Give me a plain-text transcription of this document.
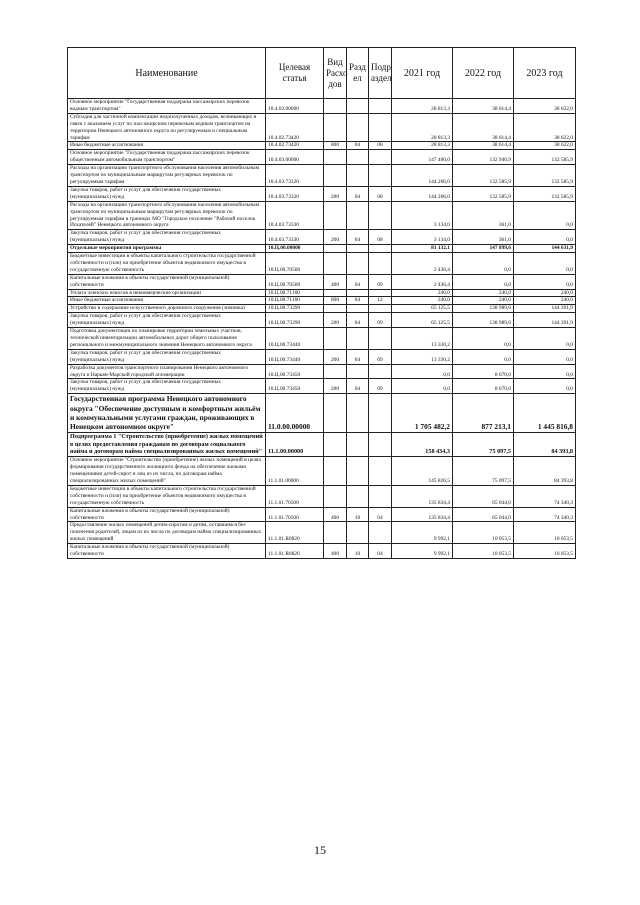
Наименование	Целевая статья	Вид Расхо дов	Разд ел	Подр аздел	2021 год	2022 год	2023 год
Основное мероприятие "Государственная поддержка пассажирских перевозок водным транспортом"	10.4.02.00000				28 813,3	38 614,4	38 622,0
Субсидия для частичной компенсации недополученных доходов, возникающих в связи с оказанием услуг по пассажирским перевозкам водным транспортом на территории Ненецкого автономного округа по регулируемым и специальным тарифам	10.4.02.73420				28 813,3	38 614,4	38 622,0
Иные бюджетные ассигнования	10.4.02.73420	800	04	08	28 813,3	38 614,4	38 622,0
Основное мероприятие "Государственная поддержка пассажирских перевозок общественным автомобильным транспортом"	10.4.03.00000				147 400,0	132 946,9	132 585,9
Расходы на организацию транспортного обслуживания населения автомобильным транспортом по муниципальным маршрутам регулярных перевозок по регулируемым тарифам	10.4.03.73320				144 266,0	132 585,9	132 585,9
Закупка товаров, работ и услуг для обеспечения государственных (муниципальных) нужд	10.4.03.73320	200	04	08	144 266,0	132 585,9	132 585,9
Расходы на организацию транспортного обслуживания населения автомобильным транспортом по муниципальным маршрутам регулярных перевозок по регулируемым тарифам в границах МО "Городское поселение "Рабочий поселок Искателей" Ненецкого автономного округа	10.4.03.73330				3 134,0	361,0	0,0
Закупка товаров, работ и услуг для обеспечения государственных (муниципальных) нужд	10.4.03.73330	200	04	08	3 134,0	361,0	0,0
Отдельные мероприятия программы	10.Ц.00.00000				81 132,1	147 899,6	144 631,9
Бюджетные инвестиции в объекты капитального строительства государственной собственности и (или) на приобретение объектов недвижимого имущества в государственную собственность	10.Ц.00.70500				2 436,4	0,0	0,0
Капитальные вложения в объекты государственной (муниципальной) собственности	10.Ц.00.70500	400	04	09	2 436,4	0,0	0,0
Уплата членских взносов в некоммерческие организации	10.Ц.00.71160				240,0	240,0	240,0
Иные бюджетные ассигнования	10.Ц.00.71160	800	04	12	240,0	240,0	240,0
Устройство и содержание искусственного дорожного сооружения (зимника)	10.Ц.00.73290				65 125,5	138 989,6	144 391,9
Закупка товаров, работ и услуг для обеспечения государственных (муниципальных) нужд	10.Ц.00.73290	200	04	09	65 125,5	138 989,6	144 391,9
Подготовка документации по планировке территории земельных участков, технической инвентаризации автомобильных дорог общего пользования регионального и межмуниципального значения Ненецкого автономного округа	10.Ц.00.73440				13 330,2	0,0	0,0
Закупка товаров, работ и услуг для обеспечения государственных (муниципальных) нужд	10.Ц.00.73440	200	04	09	13 330,2	0,0	0,0
Разработка документов транспортного планирования Ненецкого автономного округа и Нарьян-Марской городской агломерации	10.Ц.00.73450				0,0	8 670,0	0,0
Закупка товаров, работ и услуг для обеспечения государственных (муниципальных) нужд	10.Ц.00.73450	200	04	09	0,0	8 670,0	0,0
Государственная программа Ненецкого автономного округа "Обеспечение доступным и комфортным жильём и коммунальными услугами граждан, проживающих в Ненецком автономном округе"	11.0.00.00000				1 705 482,2	877 213,1	1 445 816,8
Подпрограмма 1 "Строительство (приобретение) жилых помещений в целях предоставления гражданам по договорам социального найма и договорам найма специализированных жилых помещений"	11.1.00.00000				158 434,3	75 097,5	84 393,8
Основное мероприятие "Строительство (приобретение) жилых помещений в целях формирования государственного жилищного фонда на обеспечение жилыми помещениями детей-сирот и лиц из их числа, по договорам найма специализированных жилых помещений"	11.1.01.00000				145 826,5	75 097,5	84 393,8
Бюджетные инвестиции в объекты капитального строительства государственной собственности и (или) на приобретение объектов недвижимого имущества в государственную собственность	11.1.01.70500				135 834,4	65 044,0	74 340,3
Капитальные вложения в объекты государственной (муниципальной) собственности	11.1.01.70500	400	10	04	135 834,4	65 044,0	74 340,3
Предоставление жилых помещений детям-сиротам и детям, оставшимся без попечения родителей, лицам из их числа по договорам найма специализированных жилых помещений	11.1.01.R0820				9 992,1	10 053,5	10 053,5
Капитальные вложения в объекты государственной (муниципальной) собственности	11.1.01.R0820	400	10	04	9 992,1	10 053,5	10 053,5
15
